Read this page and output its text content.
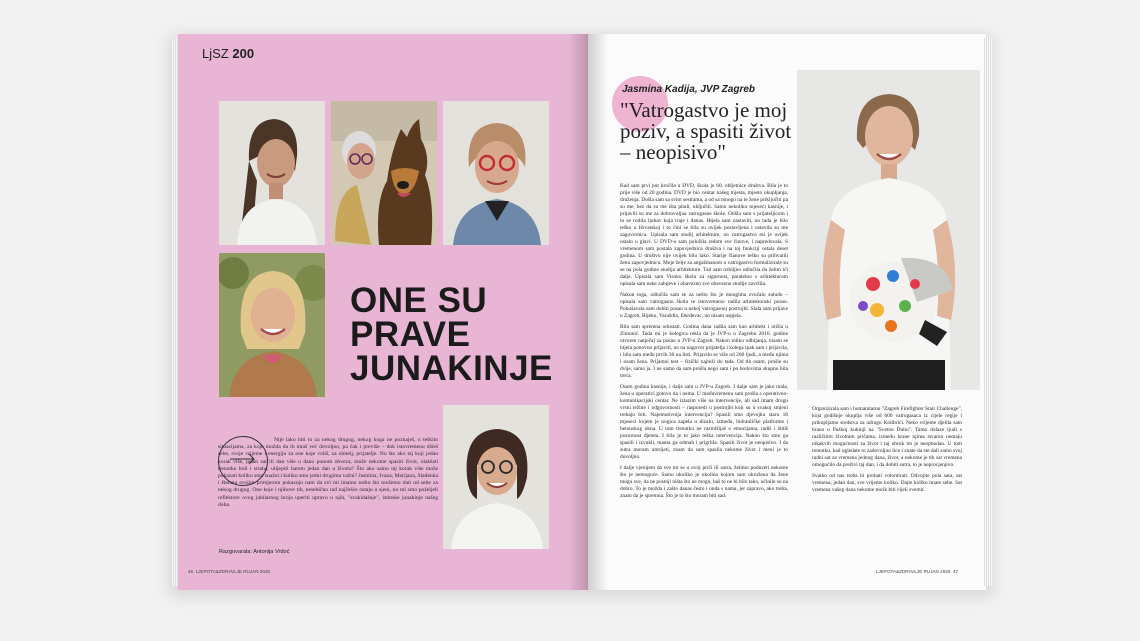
LjSZ 200
ONE SU
PRAVE
JUNAKINJE
Nije lako biti tu za nekog drugog, nekog koga ne poznaješ, u teškim situacijama, za koje možda da ih imaš već dovoljno, pa čak i previše – dok istovremeno dišeš sebe, svoje vrijeme i energiju za one koje voliš, za obitelj, prijatelje. No što ako taj koji jedan korak više, jedan sat ili dan više u danu punom obveza, može nekome spasiti život, olakšati trenutke boli i straha, ulijepiti barem jedan dan u životu? Što ako samo taj korak više može pokazati koliko smo snažni i koliko smo jedni drugima važni? Jasmina, Ivana, Marijana, Slađenka i Renata svojim primjerom pokazuju nam da svi mi imamo nešto što možemo dati od sebe za nekog drugog. One koje i njihove tih, nesebično rad najčešće ostaju u sjeni, no mi smo poželjeli reflektore ovog jubilarnog broja uperiti upravo u njih, "svakidašnje", istinske junakinje našeg doba.
Razgovarala: Antonija Vrdoć
46 LJEPOTA&ZDRAVLJE RUJAN 2025	LJEPOTA&ZDRAVLJE RUJAN 2025 47
Jasmina Kadija, JVP Zagreb
"Vatrogastvo je moj poziv, a spasiti život – neopisivo"

Kad sam prvi put kročila u DVD, škola je 60. obljetnice društva. Bila je to prije više od 20 godina. DVD je bio centar našeg mjesta, mjesto okupljanja, druženja. Došla sam sa svim sestrama, a od sa mnogo na te žene priključiti pa su me, bez da su me išta pitali, uključili. Samo nekoliko mjeseci kasnije, i prijavili su me za dobrovoljna vatrogasne škole. Otišla sam s prijateljicom i tu se rodila ljubav koja traje i danas. Htjela sam nastaviti, no tada je bilo teško u Hrvatskoj i to čini se bila su uvijek postavljena i ostavila su me zagovornica. Upisala sam studij arhitekture, no vatrogastvo mi je uvijek ostalo u glavi. U DVD-u sam položila redom sve činove, i napredovala. S vremenom sam postala zapovjednica društva i na toj funkciji ostala deset godina. U društvu nije uvijek bilo lako. Starije članove teško su prihvatili ženu zapovjednicu. Moje želje za angažmanom u vatrogastvu formalizirale su se na pola godine studija arhitekture. Tad sam ozbiljno odlučila da želim ići dalje. Upisala sam Visoku školu za sigurnost, paralelno s arhitekturom upisala sam neke zahtjeve i obavezno sve obavezne studije završila.

Nakon toga, odlučila sam se za nešto što je mnogima zvučalo suludo – upisala sam vatrogasnu školu te istovremeno radila arhitektonski posao. Pokušavala sam dobiti posao u nekoj vatrogasnoj postrojbi. Slala sam prijave u Zagreb, Rijeku, Varaždin, Đurđevac, no nisam uspjela.

Bila sam spremna odustati. Godina dana radila sam kao arhitekt i otišla u Zimunić. Tada mi je kolegica rekla da je JVP-u u Zagrebu 2016. godine otvoren natječaj za posao u JVP-u Zagreb. Nakon toliko odbijanja, nisam se htjela ponovno prijaviti, no na nagovor prijatelja i kolega ipak sam i prijavila, i bila sam među prvih 30 na listi. Prijavilo se više od 200 ljudi, a među njima i osam žena. Prijamni test – fizički najteži do tada. Od tih osam, prošle su dvije, samo ja. I ne samo da sam prošla nego sam i po bodovima skupno bila treća.

Osam godina kasnije, i dalje sam u JVP-u Zagreb. I dalje sam je jako mala, žena u operativi gotovo da i nema. U međuvremenu sam prošla s operativno-komunikacijski centar. Ne izlazim više na intervencije, ali sad imam drugu vrstu težine i odgovornosti – rasporedi u postrojbi koji su u svakoj smjeni trebaju biti. Najemotivnija intervencija? Spasili smo djevojku staru 18 mjeseci kojem je nogica zapela u dizalu, između, hidrauličke platforme i betonskog okna. U tom trenutku ne razmišljaš o emocijama, radiš i štitiš pozornost djeteta. I bila je to jako teška intervencija. Nakon što smo ga spasili i izvukli, mama ga odmah i prigrlila. Spasiti život je neopisivo. I da sutra moram umrijeti, znam da sam spasila nekome život i meni je to dovoljno.

I dalje vjerujem da sve mi se u ovoj priči ili sutra, želimo poduzeti nekome što je nemoguće. Samo ukoliko je okolina kojom sam okružena da žene mogu sve, da ne postoji ništa što ne mogu, baš to ne bi bilo tako, učinile su na dobro. To je možda i zašto danas često i onda s nama, jer zapravo, ako treba, znam da je spremna. Što je to što moram biti sad.

Organizirala sam i humanitarnu "Zagreb Firefighter Stair Challenge", koja godišnje okuplja više od 600 vatrogasaca iz cijele regije i prikupljamo sredstva za udrugu Kolibrići. Neko vrijeme djelila sam brano u Puškoj kuhinji na "Sveton Duhu". Tamo dolaze ljudi s različitim životnim pričama, između hrane njima stvarno nemaju nikakvih mogućnosti za život i taj obrok im je neophodan. U tom trenutku, kad ugledate to zadovoljno lice i znate da ste dali samo svoj radni sat za vremena jednog dana, život, a nekome je tih sat vremena omogućilo da preživi taj dan, i da dobiti sutra, to je neprocjenjivo.

Svatko od nas treba bi probati volontirati. Odvojite pola sata, sat vremena, jedan dan, sve vrijeme koliko. Dajte koliko imate sebe. Sat vremena vašeg dana nekome može biti cijeli svemir.
